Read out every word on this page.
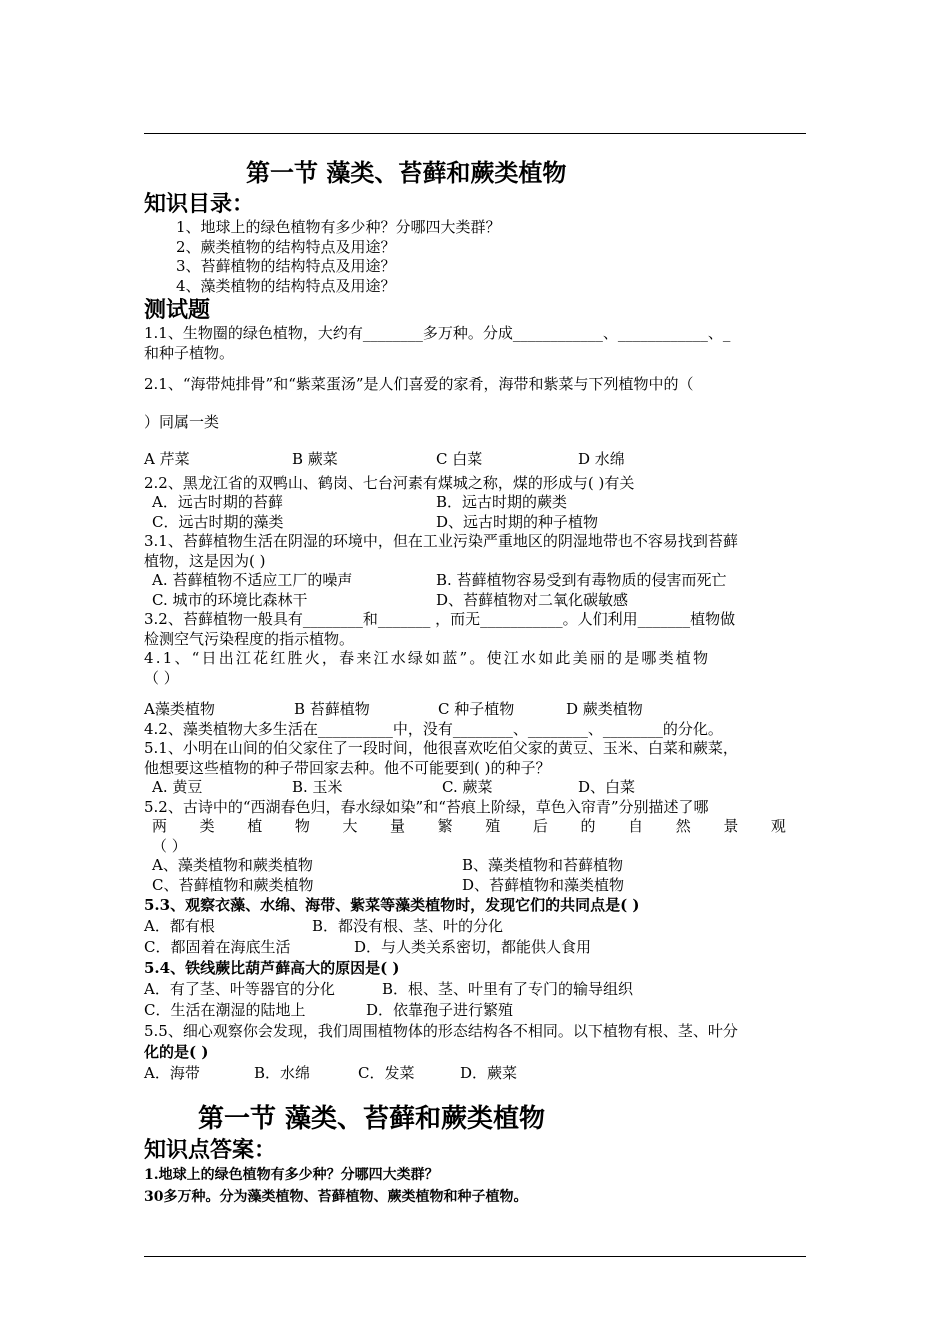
第一节 藻类、苔藓和蕨类植物
知识目录：
1、地球上的绿色植物有多少种？分哪四大类群？
2、蕨类植物的结构特点及用途？
3、苔藓植物的结构特点及用途？
4、藻类植物的结构特点及用途？
测试题
1.1、生物圈的绿色植物，大约有________多万种。分成____________、____________、_
和种子植物。
2.1、“海带炖排骨”和“紫菜蛋汤”是人们喜爱的家肴，海带和紫菜与下列植物中的（
）同属一类
A 芹菜	B 蕨菜	C 白菜	D 水绵
2.2、黑龙江省的双鸭山、鹤岗、七台河素有煤城之称，煤的形成与( )有关
A．远古时期的苔藓	B．远古时期的蕨类
C．远古时期的藻类	D、远古时期的种子植物
3.1、苔藓植物生活在阴湿的环境中，但在工业污染严重地区的阴湿地带也不容易找到苔藓
植物，这是因为( )
A. 苔藓植物不适应工厂的噪声	B. 苔藓植物容易受到有毒物质的侵害而死亡
C. 城市的环境比森林干	D、苔藓植物对二氧化碳敏感
3.2、苔藓植物一般具有________和_______ ，而无___________。人们利用_______植物做
检测空气污染程度的指示植物。
4.1、“日出江花红胜火，春来江水绿如蓝”。使江水如此美丽的是哪类植物
（ ）
A藻类植物	B 苔藓植物	C 种子植物	D 蕨类植物
4.2、藻类植物大多生活在__________中，没有________、________、________的分化。
5.1、小明在山间的伯父家住了一段时间，他很喜欢吃伯父家的黄豆、玉米、白菜和蕨菜，
他想要这些植物的种子带回家去种。他不可能要到( )的种子？
A. 黄豆	B. 玉米	C. 蕨菜	D、白菜
5.2、古诗中的“西湖春色归，春水绿如染”和“苔痕上阶绿，草色入帘青”分别描述了哪
两 类 植 物 大 量 繁 殖 后 的 自 然 景 观
（ ）
A、藻类植物和蕨类植物	B、藻类植物和苔藓植物
C、苔藓植物和蕨类植物	D、苔藓植物和藻类植物
5.3、观察衣藻、水绵、海带、紫菜等藻类植物时，发现它们的共同点是( )
A．都有根	B．都没有根、茎、叶的分化
C．都固着在海底生活	D．与人类关系密切，都能供人食用
5.4、铁线蕨比葫芦藓高大的原因是( )
A．有了茎、叶等器官的分化	B．根、茎、叶里有了专门的输导组织
C．生活在潮湿的陆地上	D．依靠孢子进行繁殖
5.5、细心观察你会发现，我们周围植物体的形态结构各不相同。以下植物有根、茎、叶分
化的是( )
A．海带	B．水绵	C．发菜	D．蕨菜
第一节 藻类、苔藓和蕨类植物
知识点答案：
1.地球上的绿色植物有多少种？分哪四大类群？
30多万种。分为藻类植物、苔藓植物、蕨类植物和种子植物。
